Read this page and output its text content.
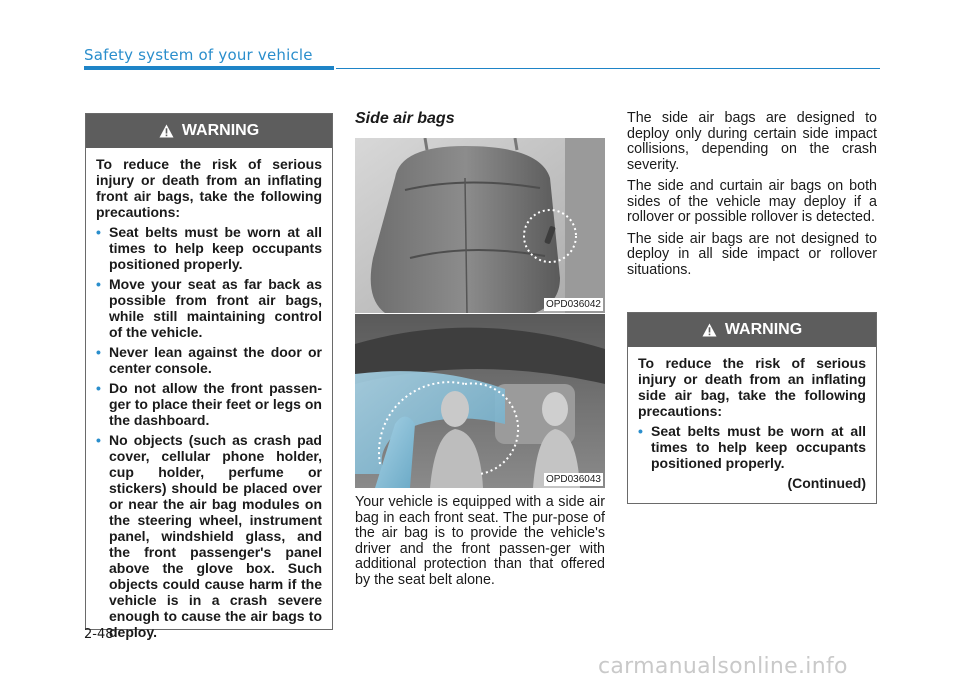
Safety system of your vehicle
WARNING

To reduce the risk of serious injury or death from an inflating front air bags, take the following precautions:

• Seat belts must be worn at all times to help keep occupants positioned properly.
• Move your seat as far back as possible from front air bags, while still maintaining control of the vehicle.
• Never lean against the door or center console.
• Do not allow the front passen-ger to place their feet or legs on the dashboard.
• No objects (such as crash pad cover, cellular phone holder, cup holder, perfume or stickers) should be placed over or near the air bag modules on the steering wheel, instrument panel, windshield glass, and the front passenger's panel above the glove box. Such objects could cause harm if the vehicle is in a crash severe enough to cause the air bags to deploy.
Side air bags
OPD036042
OPD036043
Your vehicle is equipped with a side air bag in each front seat. The pur-pose of the air bag is to provide the vehicle's driver and the front passen-ger with additional protection than that offered by the seat belt alone.

The side air bags are designed to deploy only during certain side impact collisions, depending on the crash severity.

The side and curtain air bags on both sides of the vehicle may deploy if a rollover or possible rollover is detected.

The side air bags are not designed to deploy in all side impact or rollover situations.

WARNING

To reduce the risk of serious injury or death from an inflating side air bag, take the following precautions:

• Seat belts must be worn at all times to help keep occupants positioned properly.
(Continued)
2-48
carmanualsonline.info
